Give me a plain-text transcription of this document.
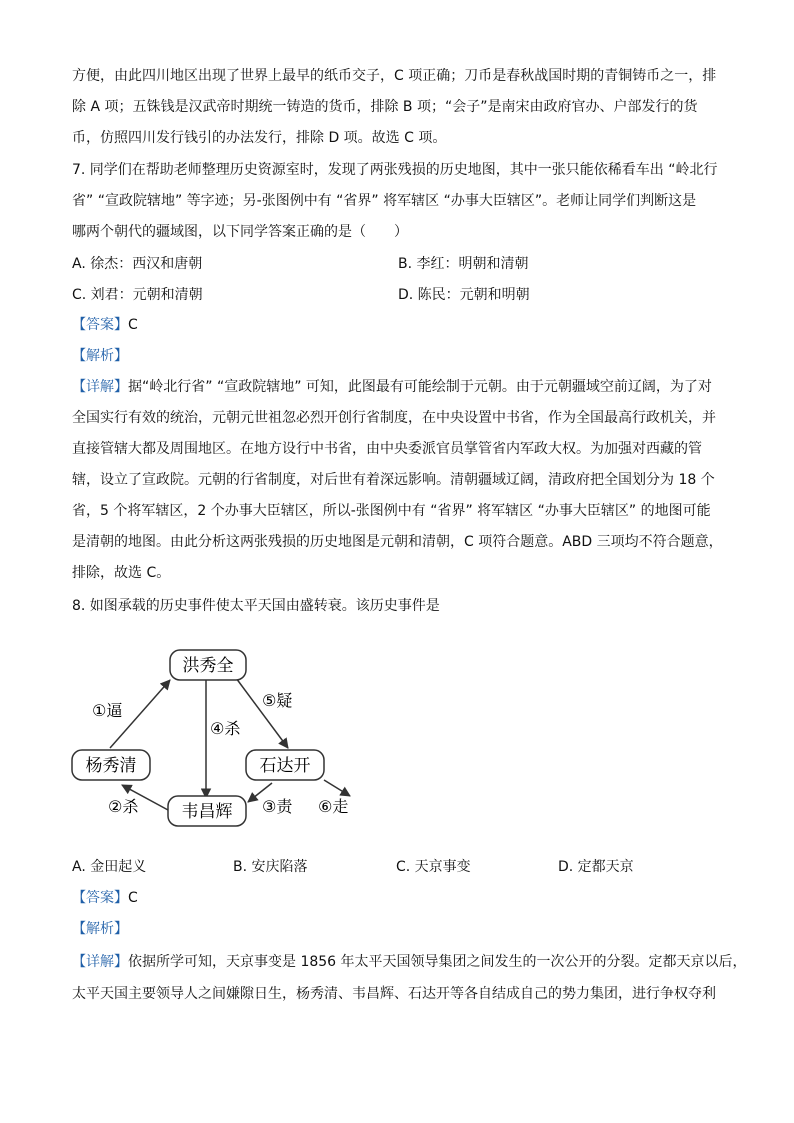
方便，由此四川地区出现了世界上最早的纸币交子，C 项正确；刀币是春秋战国时期的青铜铸币之一，排
除 A 项；五铢钱是汉武帝时期统一铸造的货币，排除 B 项；“会子”是南宋由政府官办、户部发行的货
币，仿照四川发行钱引的办法发行，排除 D 项。故选 C 项。
7. 同学们在帮助老师整理历史资源室时，发现了两张残损的历史地图，其中一张只能依稀看车出 “岭北行
省” “宣政院辖地” 等字迹；另-张图例中有 “省界” 将军辖区 “办事大臣辖区”。老师让同学们判断这是
哪两个朝代的疆域图，以下同学答案正确的是（　　）
A. 徐杰：西汉和唐朝	B. 李红：明朝和清朝
C. 刘君：元朝和清朝	D. 陈民：元朝和明朝
【答案】C
【解析】
【详解】据“岭北行省” “宣政院辖地” 可知，此图最有可能绘制于元朝。由于元朝疆域空前辽阔，为了对
全国实行有效的统治，元朝元世祖忽必烈开创行省制度，在中央设置中书省，作为全国最高行政机关，并
直接管辖大都及周围地区。在地方设行中书省，由中央委派官员掌管省内军政大权。为加强对西藏的管
辖，设立了宣政院。元朝的行省制度，对后世有着深远影响。清朝疆域辽阔，清政府把全国划分为 18 个
省，5 个将军辖区，2 个办事大臣辖区，所以-张图例中有 “省界” 将军辖区 “办事大臣辖区” 的地图可能
是清朝的地图。由此分析这两张残损的历史地图是元朝和清朝，C 项符合题意。ABD 三项均不符合题意，
排除，故选 C。
8. 如图承载的历史事件使太平天国由盛转衰。该历史事件是
洪秀全
杨秀清	石达开
韦昌辉
①逼
②杀	③责
④杀
⑤疑
⑥走
A. 金田起义	B. 安庆陷落	C. 天京事变	D. 定都天京
【答案】C
【解析】
【详解】依据所学可知，天京事变是 1856 年太平天国领导集团之间发生的一次公开的分裂。定都天京以后，
太平天国主要领导人之间嫌隙日生，杨秀清、韦昌辉、石达开等各自结成自己的势力集团，进行争权夺利
